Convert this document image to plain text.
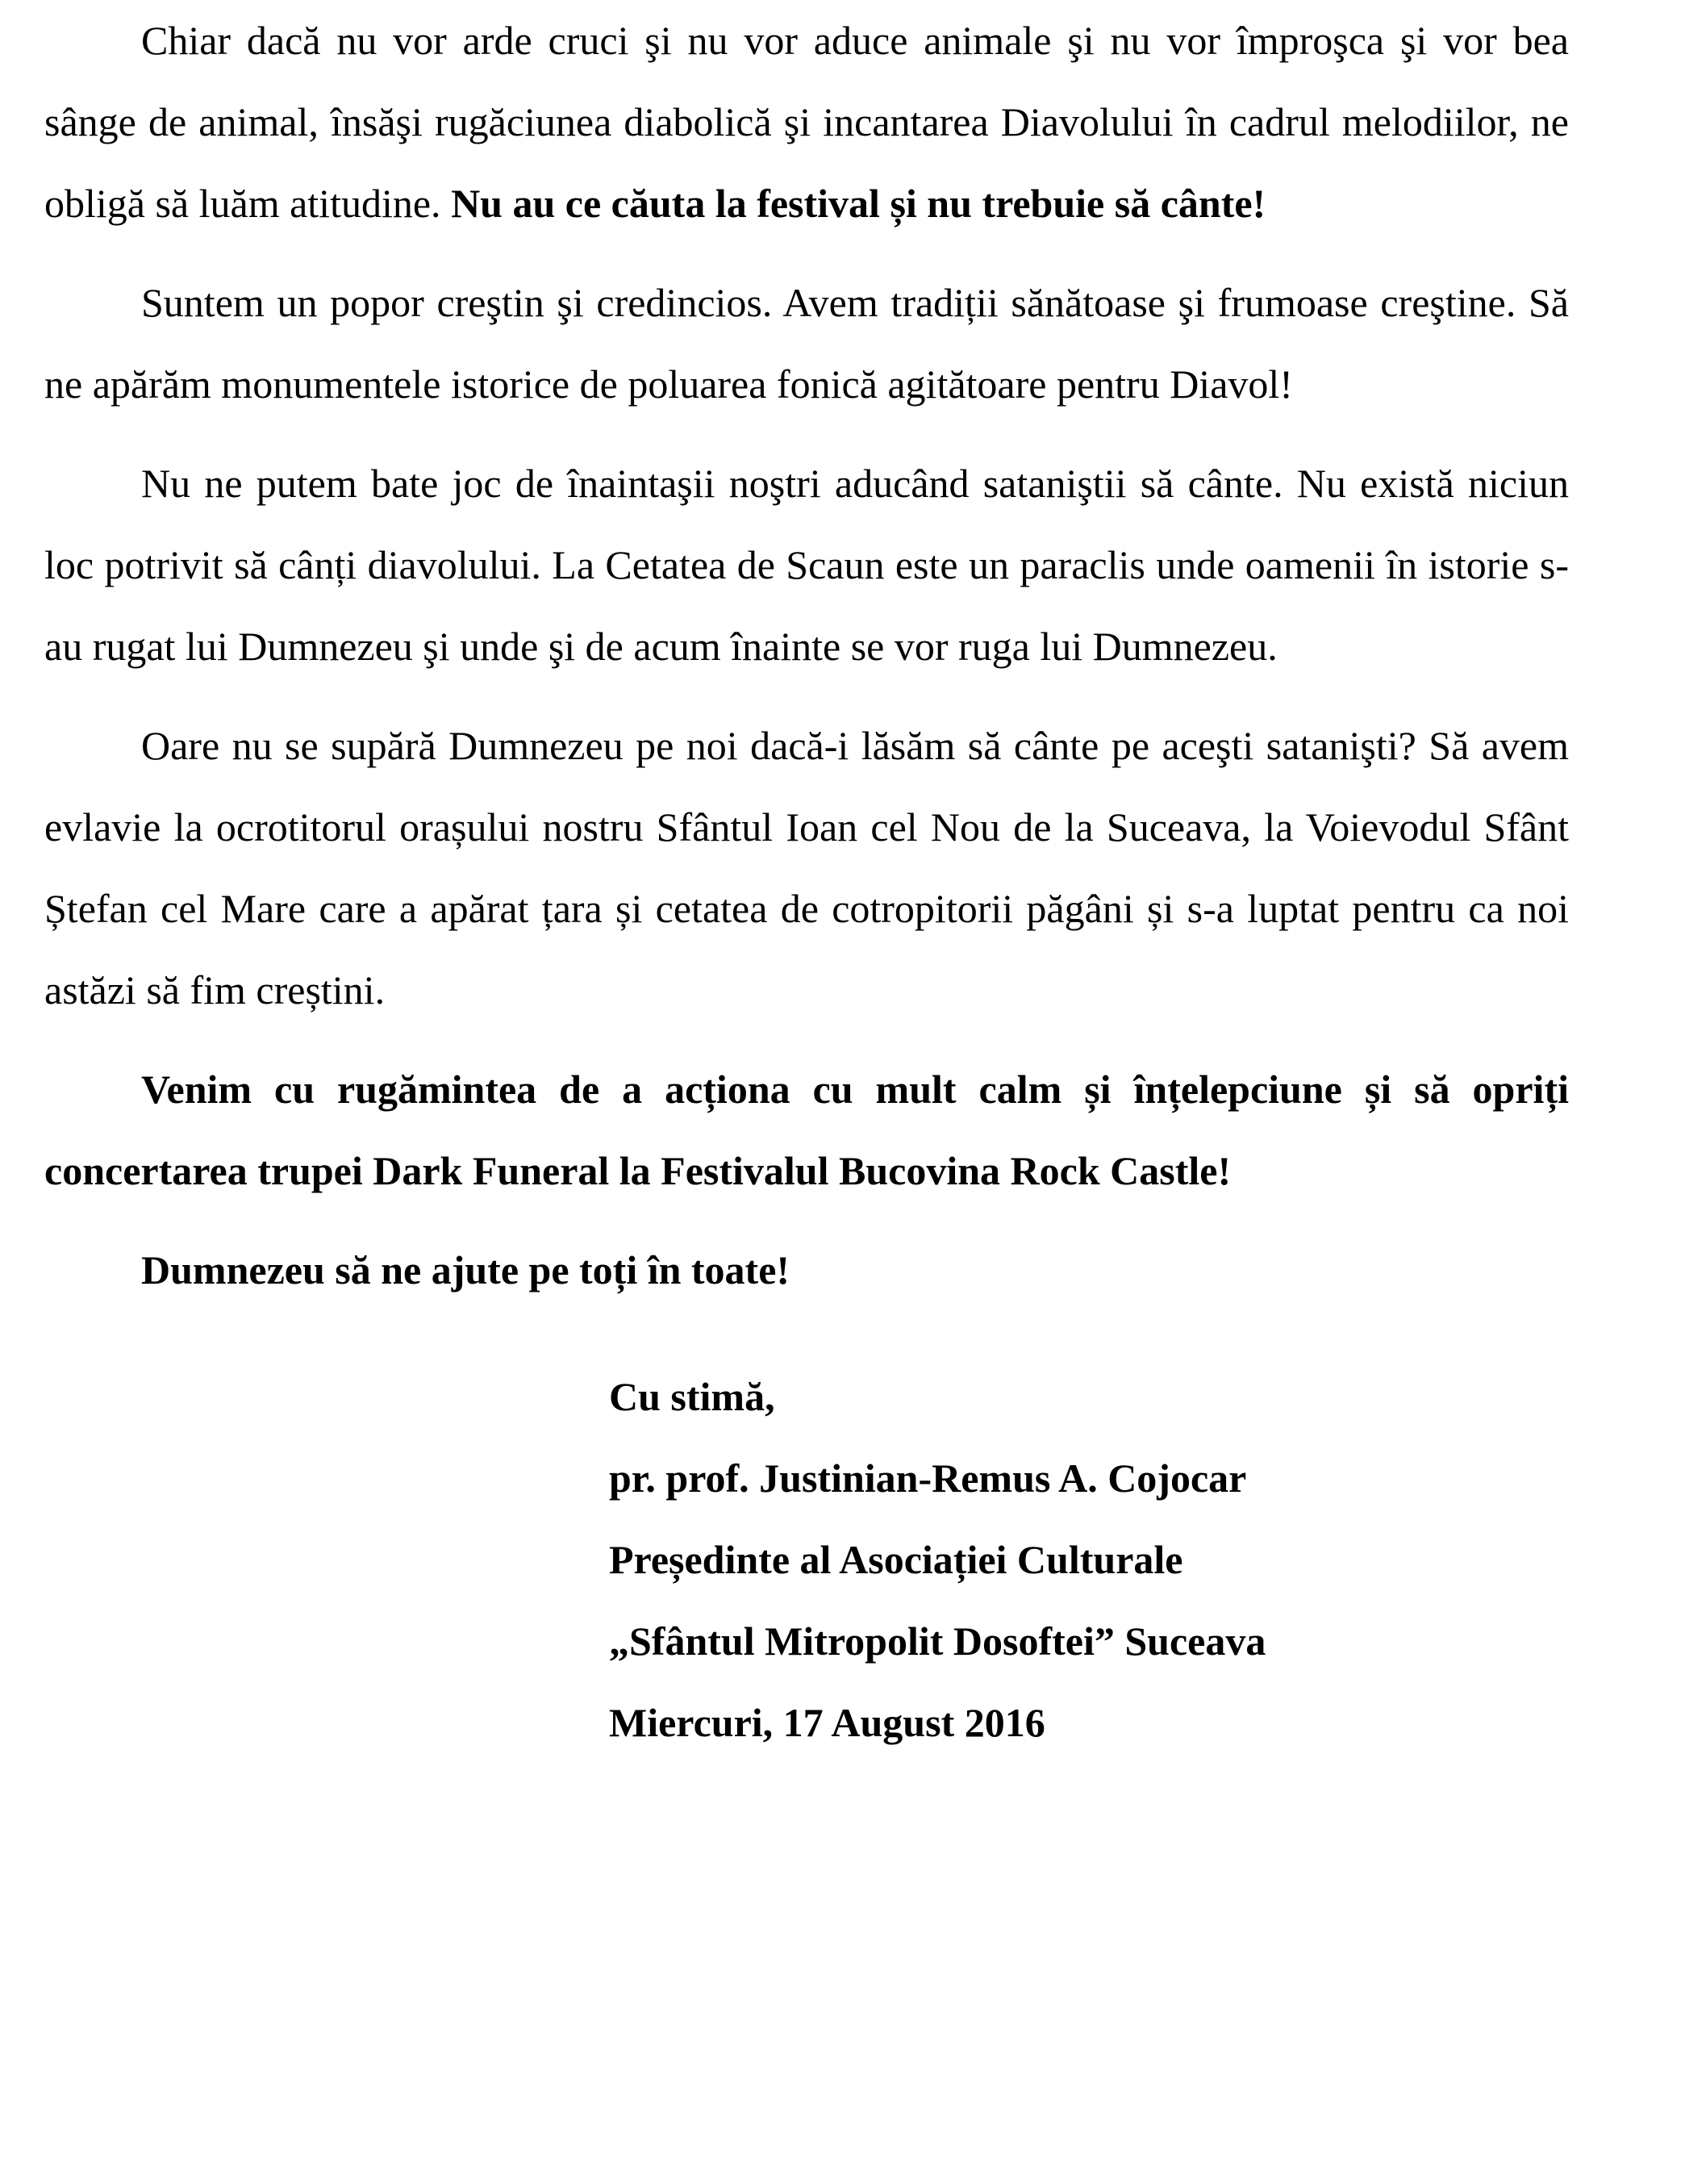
Chiar dacă nu vor arde cruci şi nu vor aduce animale şi nu vor împroşca şi vor bea sânge de animal, însăşi rugăciunea diabolică şi incantarea Diavolului în cadrul melodiilor, ne obligă să luăm atitudine. Nu au ce căuta la festival și nu trebuie să cânte!

Suntem un popor creştin şi credincios. Avem tradiții sănătoase şi frumoase creştine. Să ne apărăm monumentele istorice de poluarea fonică agitătoare pentru Diavol!

Nu ne putem bate joc de înaintaşii noştri aducând sataniştii să cânte. Nu există niciun loc potrivit să cânți diavolului. La Cetatea de Scaun este un paraclis unde oamenii în istorie s-au rugat lui Dumnezeu şi unde şi de acum înainte se vor ruga lui Dumnezeu.

Oare nu se supără Dumnezeu pe noi dacă-i lăsăm să cânte pe aceşti satanişti? Să avem evlavie la ocrotitorul orașului nostru Sfântul Ioan cel Nou de la Suceava, la Voievodul Sfânt Ștefan cel Mare care a apărat țara și cetatea de cotropitorii păgâni și s-a luptat pentru ca noi astăzi să fim creștini.

Venim cu rugămintea de a acționa cu mult calm și înțelepciune și să opriți concertarea trupei Dark Funeral la Festivalul Bucovina Rock Castle!

Dumnezeu să ne ajute pe toți în toate!

Cu stimă,
pr. prof. Justinian-Remus A. Cojocar
Președinte al Asociației Culturale
„Sfântul Mitropolit Dosoftei” Suceava
Miercuri, 17 August 2016
